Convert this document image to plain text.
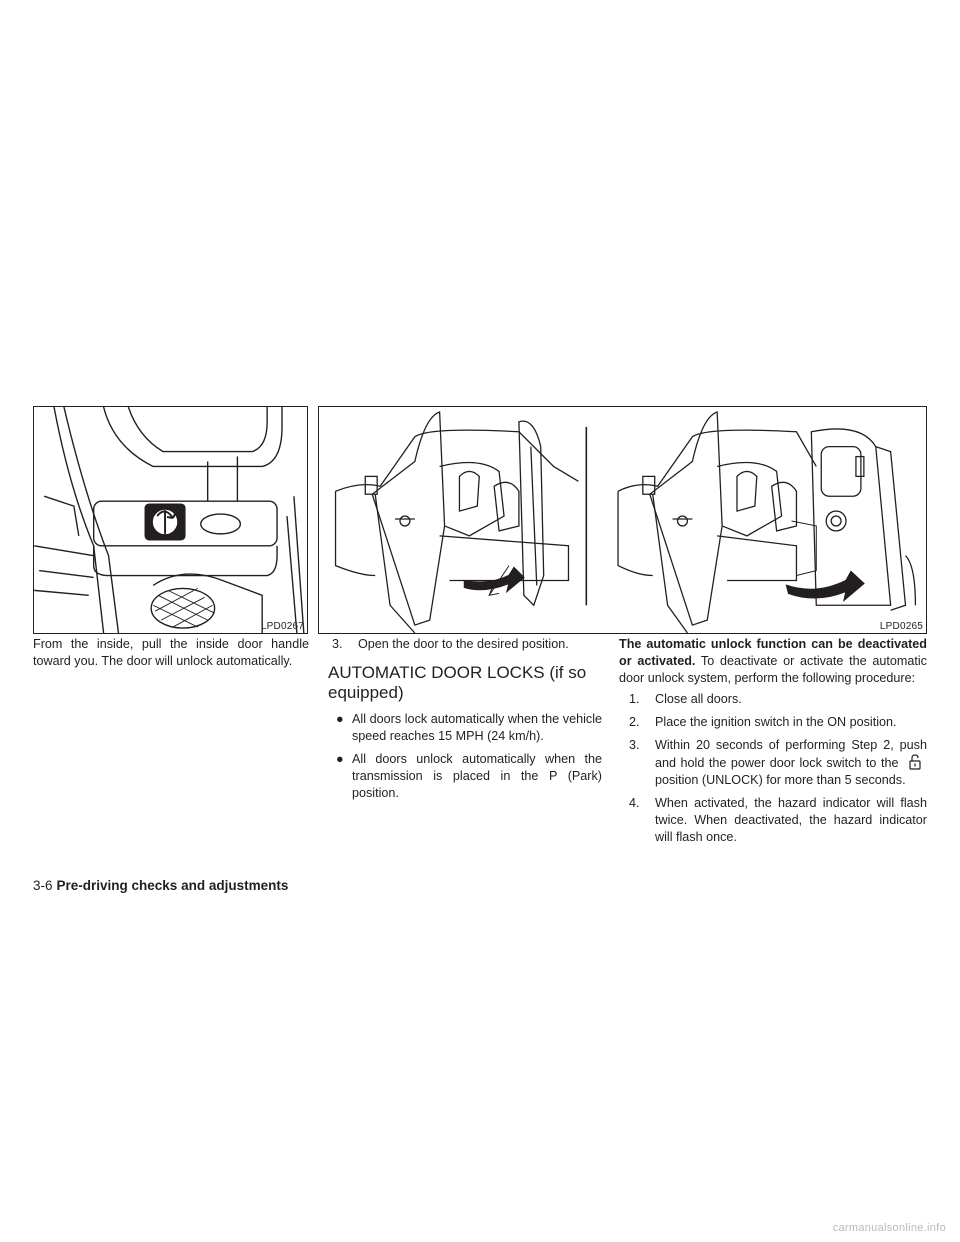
LPD0267	LPD0265

From the inside, pull the inside door handle toward you. The door will unlock automatically.

3. Open the door to the desired position.
AUTOMATIC DOOR LOCKS (if so equipped)
● All doors lock automatically when the vehicle speed reaches 15 MPH (24 km/h).
● All doors unlock automatically when the transmission is placed in the P (Park) position.

The automatic unlock function can be deactivated or activated. To deactivate or activate the automatic door unlock system, perform the following procedure:

1. Close all doors.
2. Place the ignition switch in the ON position.
3. Within 20 seconds of performing Step 2, push and hold the power door lock switch to the  position (UNLOCK) for more than 5 seconds.
4. When activated, the hazard indicator will flash twice. When deactivated, the hazard indicator will flash once.
3-6 Pre-driving checks and adjustments
carmanualsonline.info
